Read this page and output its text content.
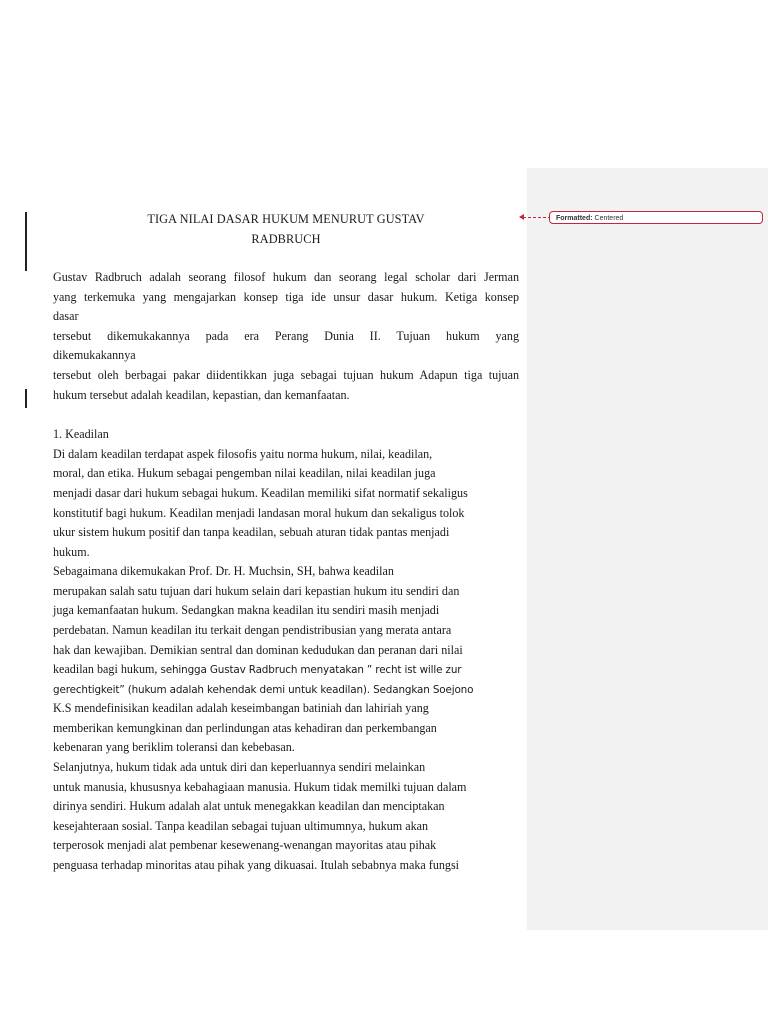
Formatted: Centered
TIGA NILAI DASAR HUKUM MENURUT GUSTAV
RADBRUCH
Gustav Radbruch adalah seorang filosof hukum dan seorang legal scholar dari Jerman
yang terkemuka yang mengajarkan konsep tiga ide unsur dasar hukum. Ketiga konsep
dasar
tersebut dikemukakannya pada era Perang Dunia II. Tujuan hukum yang
dikemukakannya
tersebut oleh berbagai pakar diidentikkan juga sebagai tujuan hukum Adapun tiga tujuan
hukum tersebut adalah keadilan, kepastian, dan kemanfaatan.
1. Keadilan
Di dalam keadilan terdapat aspek filosofis yaitu norma hukum, nilai, keadilan,
moral, dan etika. Hukum sebagai pengemban nilai keadilan, nilai keadilan juga
menjadi dasar dari hukum sebagai hukum. Keadilan memiliki sifat normatif sekaligus
konstitutif bagi hukum. Keadilan menjadi landasan moral hukum dan sekaligus tolok
ukur sistem hukum positif dan tanpa keadilan, sebuah aturan tidak pantas menjadi
hukum.
Sebagaimana dikemukakan Prof. Dr. H. Muchsin, SH, bahwa keadilan
merupakan salah satu tujuan dari hukum selain dari kepastian hukum itu sendiri dan
juga kemanfaatan hukum. Sedangkan makna keadilan itu sendiri masih menjadi
perdebatan. Namun keadilan itu terkait dengan pendistribusian yang merata antara
hak dan kewajiban. Demikian sentral dan dominan kedudukan dan peranan dari nilai
keadilan bagi hukum, sehingga Gustav Radbruch menyatakan ” recht ist wille zur
gerechtigkeit” (hukum adalah kehendak demi untuk keadilan). Sedangkan Soejono
K.S mendefinisikan keadilan adalah keseimbangan batiniah dan lahiriah yang
memberikan kemungkinan dan perlindungan atas kehadiran dan perkembangan
kebenaran yang beriklim toleransi dan kebebasan.
Selanjutnya, hukum tidak ada untuk diri dan keperluannya sendiri melainkan
untuk manusia, khususnya kebahagiaan manusia. Hukum tidak memilki tujuan dalam
dirinya sendiri. Hukum adalah alat untuk menegakkan keadilan dan menciptakan
kesejahteraan sosial. Tanpa keadilan sebagai tujuan ultimumnya, hukum akan
terperosok menjadi alat pembenar kesewenang-wenangan mayoritas atau pihak
penguasa terhadap minoritas atau pihak yang dikuasai. Itulah sebabnya maka fungsi
